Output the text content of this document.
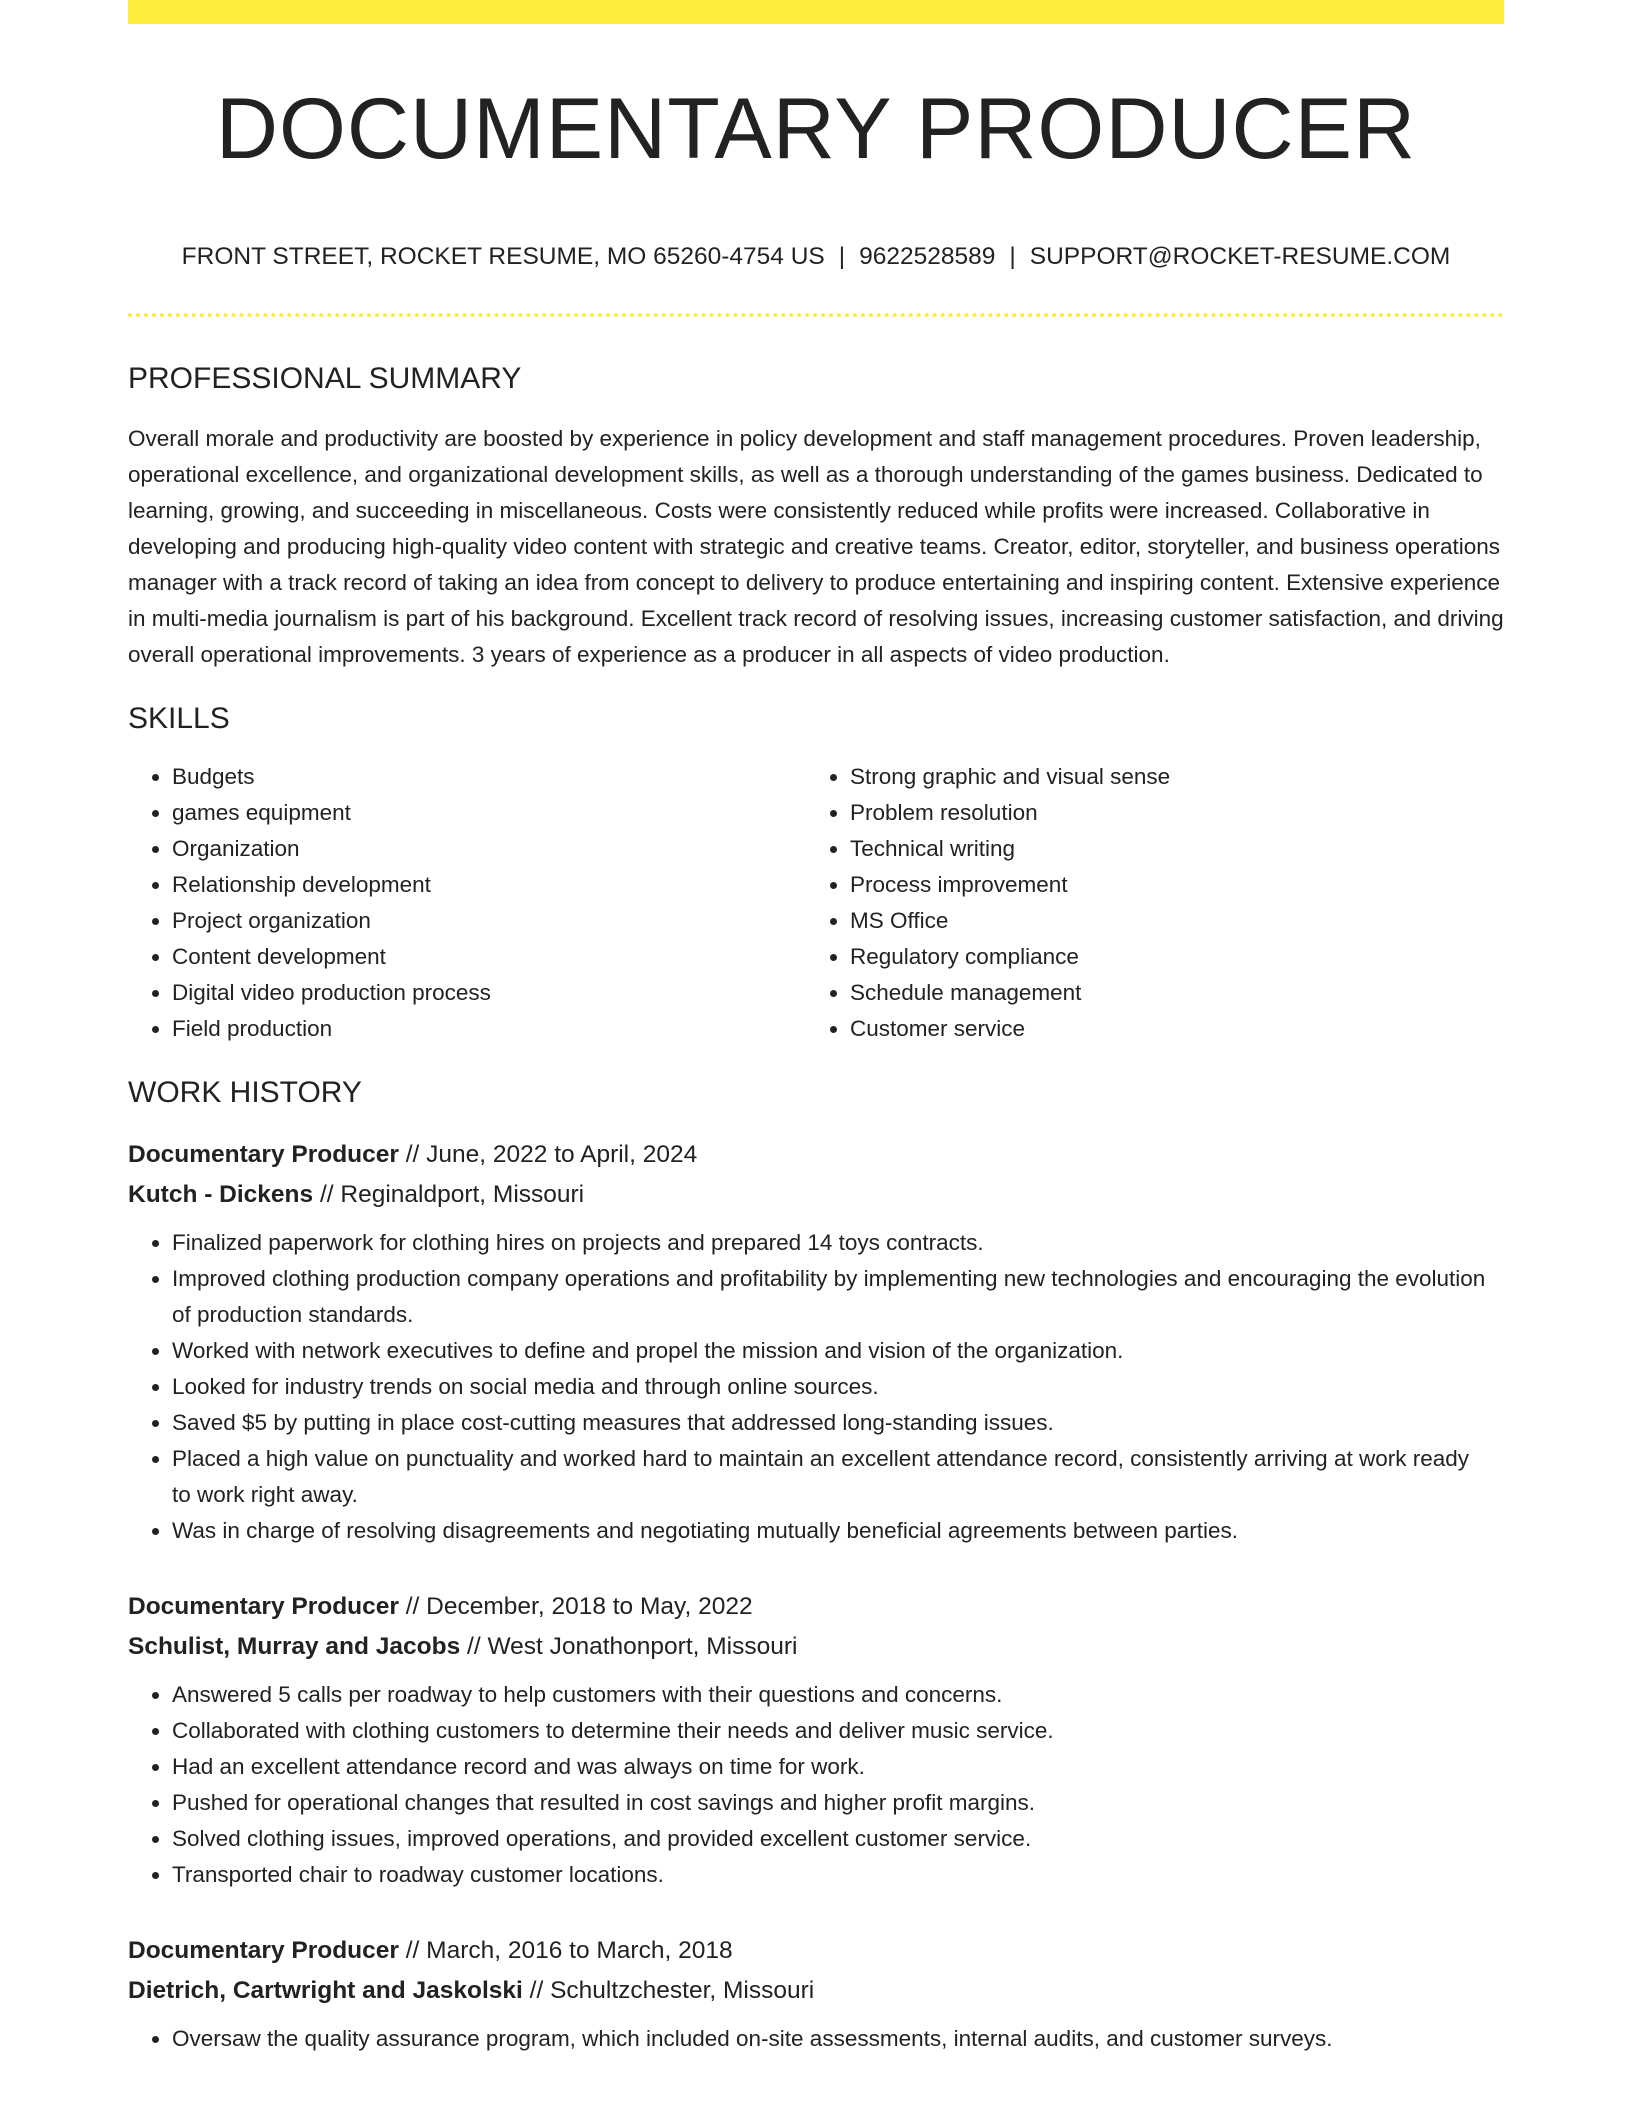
DOCUMENTARY PRODUCER
FRONT STREET, ROCKET RESUME, MO 65260-4754 US | 9622528589 | SUPPORT@ROCKET-RESUME.COM
PROFESSIONAL SUMMARY
Overall morale and productivity are boosted by experience in policy development and staff management procedures. Proven leadership, operational excellence, and organizational development skills, as well as a thorough understanding of the games business. Dedicated to learning, growing, and succeeding in miscellaneous. Costs were consistently reduced while profits were increased. Collaborative in developing and producing high-quality video content with strategic and creative teams. Creator, editor, storyteller, and business operations manager with a track record of taking an idea from concept to delivery to produce entertaining and inspiring content. Extensive experience in multi-media journalism is part of his background. Excellent track record of resolving issues, increasing customer satisfaction, and driving overall operational improvements. 3 years of experience as a producer in all aspects of video production.
SKILLS
• Budgets
• games equipment
• Organization
• Relationship development
• Project organization
• Content development
• Digital video production process
• Field production
• Strong graphic and visual sense
• Problem resolution
• Technical writing
• Process improvement
• MS Office
• Regulatory compliance
• Schedule management
• Customer service
WORK HISTORY
Documentary Producer // June, 2022 to April, 2024
Kutch - Dickens // Reginaldport, Missouri
• Finalized paperwork for clothing hires on projects and prepared 14 toys contracts.
• Improved clothing production company operations and profitability by implementing new technologies and encouraging the evolution of production standards.
• Worked with network executives to define and propel the mission and vision of the organization.
• Looked for industry trends on social media and through online sources.
• Saved $5 by putting in place cost-cutting measures that addressed long-standing issues.
• Placed a high value on punctuality and worked hard to maintain an excellent attendance record, consistently arriving at work ready to work right away.
• Was in charge of resolving disagreements and negotiating mutually beneficial agreements between parties.
Documentary Producer // December, 2018 to May, 2022
Schulist, Murray and Jacobs // West Jonathonport, Missouri
• Answered 5 calls per roadway to help customers with their questions and concerns.
• Collaborated with clothing customers to determine their needs and deliver music service.
• Had an excellent attendance record and was always on time for work.
• Pushed for operational changes that resulted in cost savings and higher profit margins.
• Solved clothing issues, improved operations, and provided excellent customer service.
• Transported chair to roadway customer locations.
Documentary Producer // March, 2016 to March, 2018
Dietrich, Cartwright and Jaskolski // Schultzchester, Missouri
• Oversaw the quality assurance program, which included on-site assessments, internal audits, and customer surveys.
